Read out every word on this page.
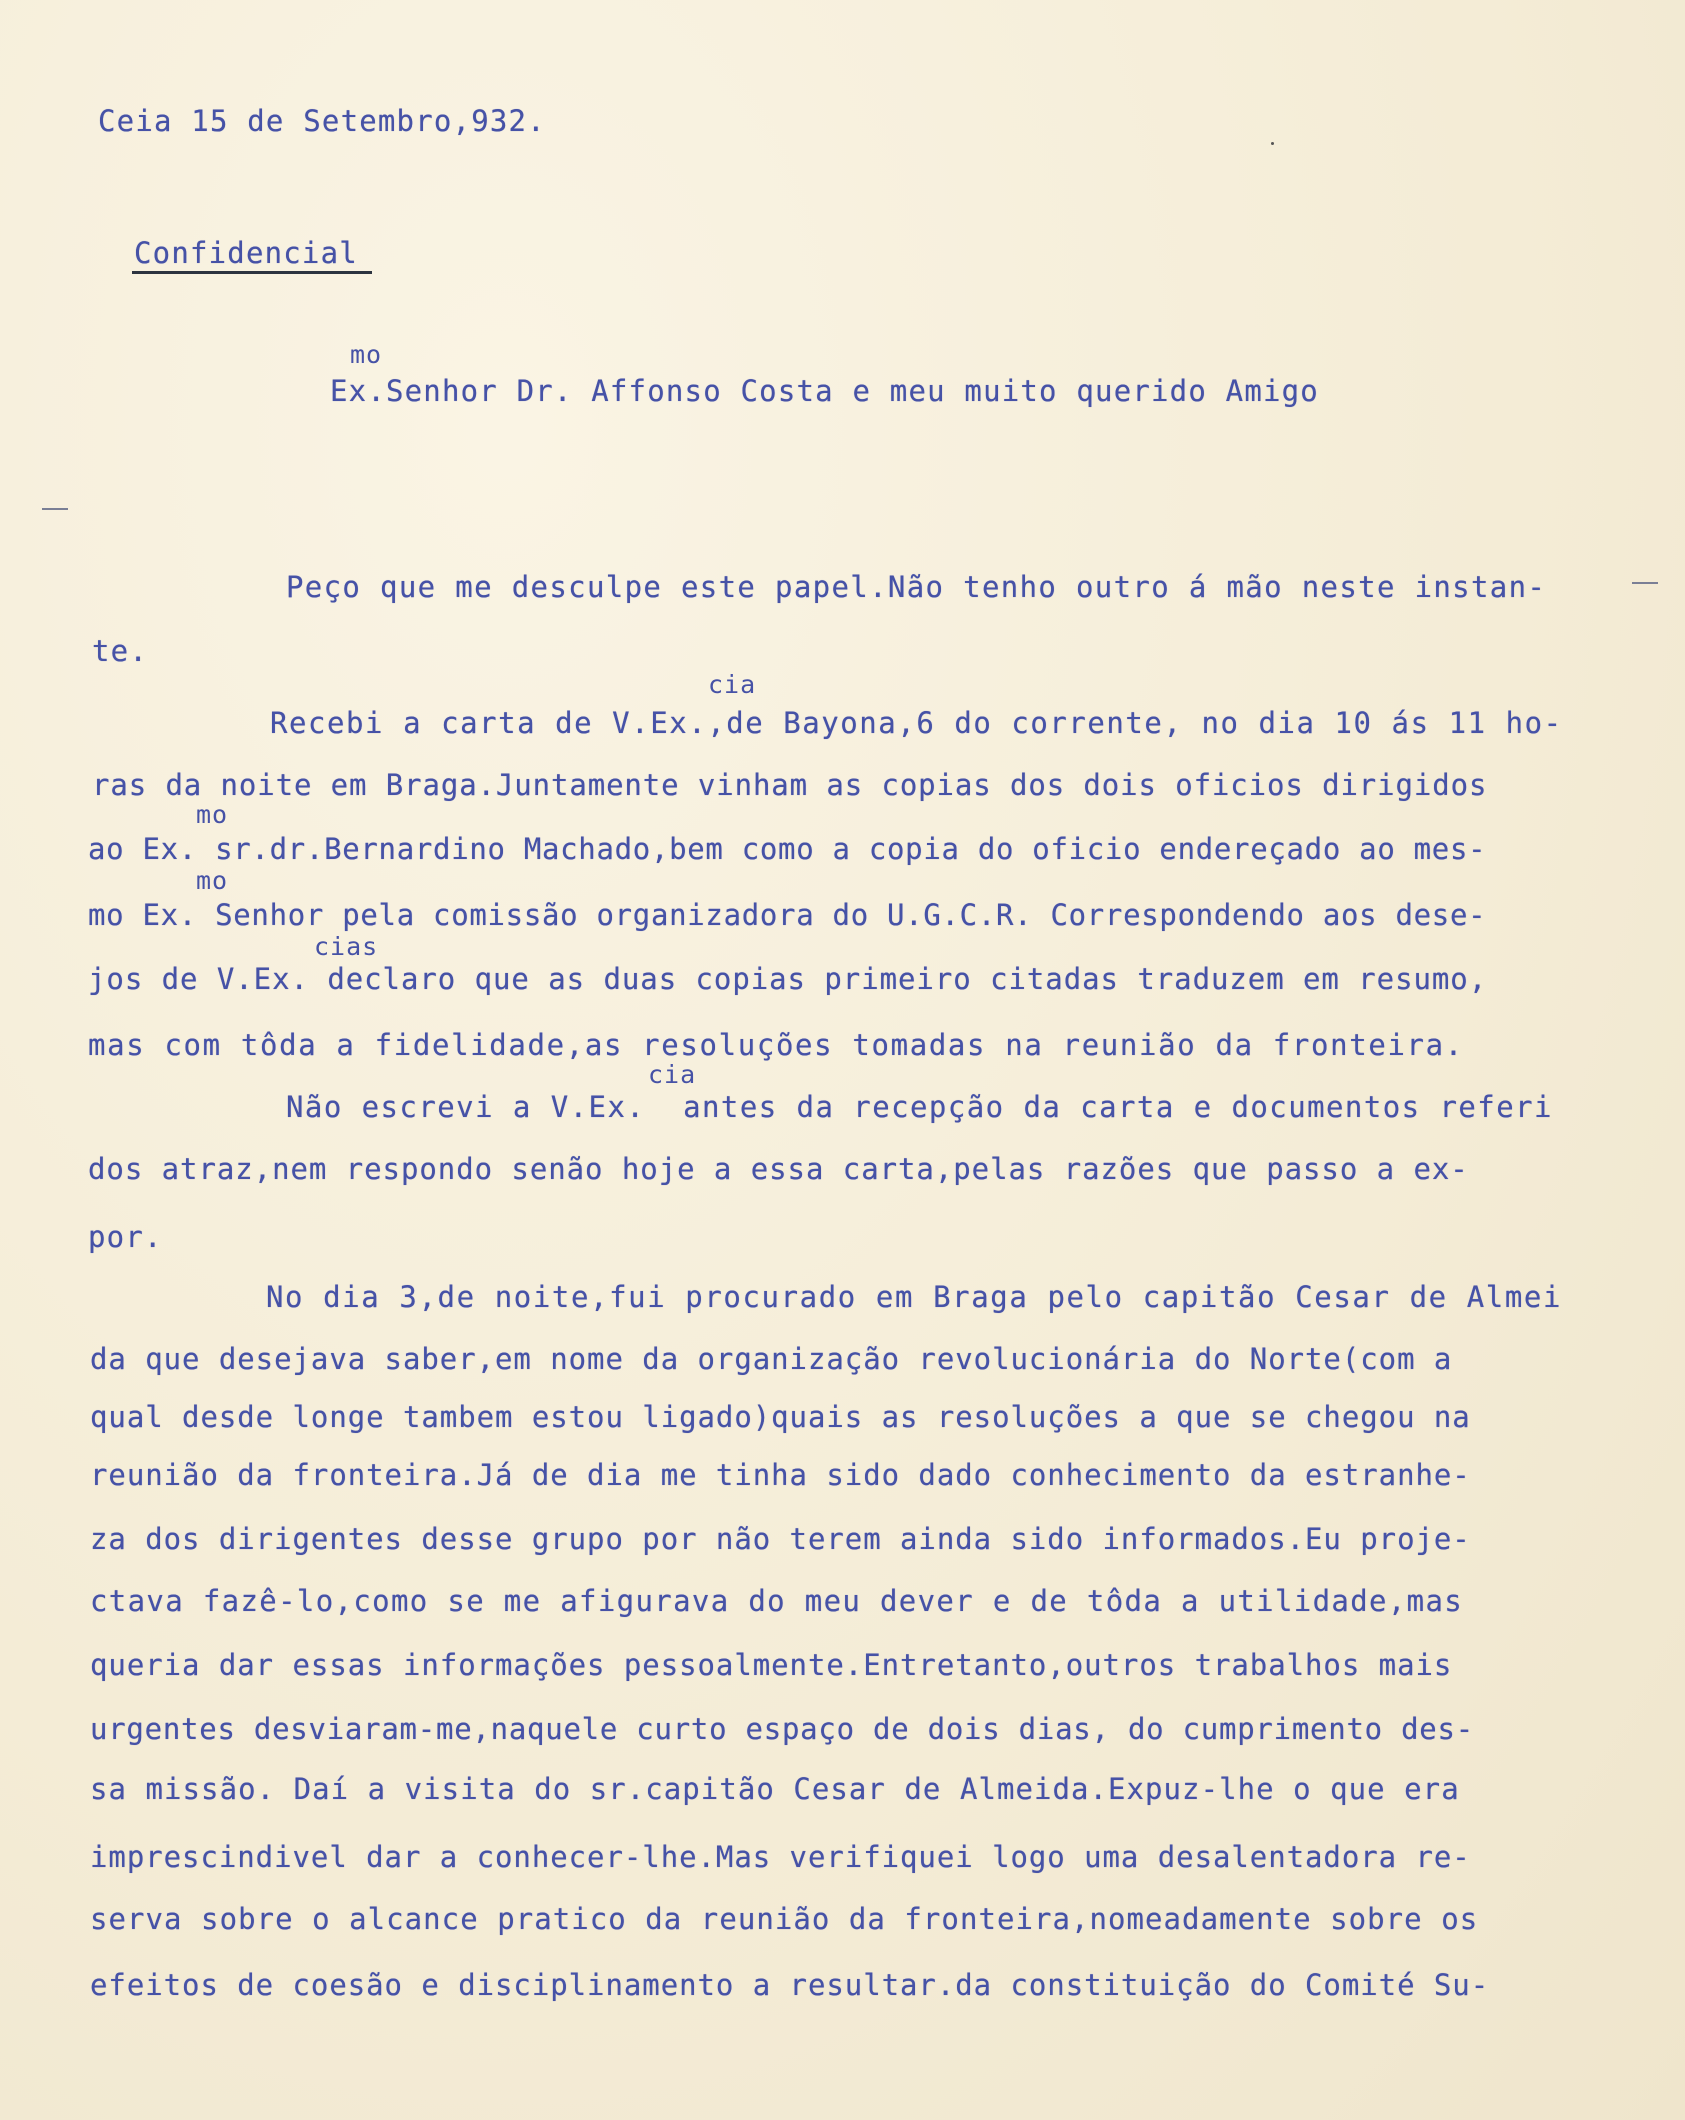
Ceia 15 de Setembro,932.
Confidencial
mo
Ex.Senhor Dr. Affonso Costa e meu muito querido Amigo
Peço que me desculpe este papel.Não tenho outro á mão neste instan-
te.
cia
Recebi a carta de V.Ex.,de Bayona,6 do corrente, no dia 10 ás 11 ho-
ras da noite em Braga.Juntamente vinham as copias dos dois oficios dirigidos
mo
ao Ex. sr.dr.Bernardino Machado,bem como a copia do oficio endereçado ao mes-
mo
mo Ex. Senhor pela comissão organizadora do U.G.C.R. Correspondendo aos dese-
cias
jos de V.Ex. declaro que as duas copias primeiro citadas traduzem em resumo,
mas com tôda a fidelidade,as resoluções tomadas na reunião da fronteira.
cia
Não escrevi a V.Ex.  antes da recepção da carta e documentos referi
dos atraz,nem respondo senão hoje a essa carta,pelas razões que passo a ex-
por.
No dia 3,de noite,fui procurado em Braga pelo capitão Cesar de Almei
da que desejava saber,em nome da organização revolucionária do Norte(com a
qual desde longe tambem estou ligado)quais as resoluções a que se chegou na
reunião da fronteira.Já de dia me tinha sido dado conhecimento da estranhe-
za dos dirigentes desse grupo por não terem ainda sido informados.Eu proje-
ctava fazê-lo,como se me afigurava do meu dever e de tôda a utilidade,mas
queria dar essas informações pessoalmente.Entretanto,outros trabalhos mais
urgentes desviaram-me,naquele curto espaço de dois dias, do cumprimento des-
sa missão. Daí a visita do sr.capitão Cesar de Almeida.Expuz-lhe o que era
imprescindivel dar a conhecer-lhe.Mas verifiquei logo uma desalentadora re-
serva sobre o alcance pratico da reunião da fronteira,nomeadamente sobre os
efeitos de coesão e disciplinamento a resultar.da constituição do Comité Su-
